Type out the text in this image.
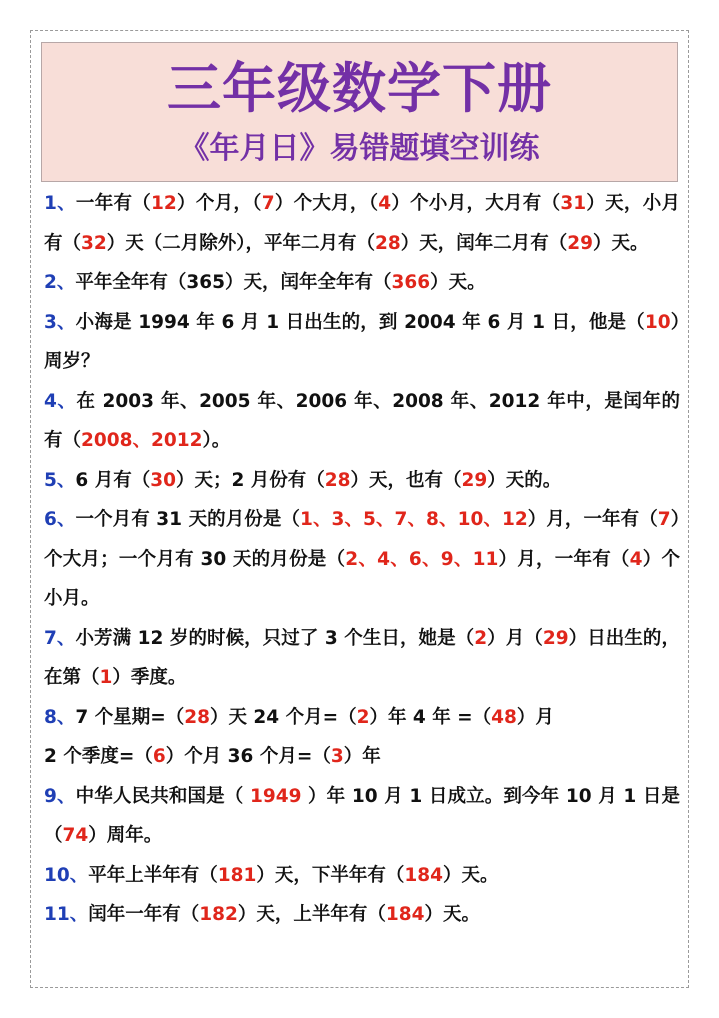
三年级数学下册
《年月日》易错题填空训练
1、一年有（12）个月，（7）个大月，（4）个小月，大月有（31）天，小月有（32）天（二月除外），平年二月有（28）天，闰年二月有（29）天。
2、平年全年有（365）天，闰年全年有（366）天。
3、小海是 1994 年 6 月 1 日出生的，到 2004 年 6 月 1 日，他是（10）周岁？
4、在 2003 年、2005 年、2006 年、2008 年、2012 年中，是闰年的有（2008、2012）。
5、6 月有（30）天；2 月份有（28）天，也有（29）天的。
6、一个月有 31 天的月份是（1、3、5、7、8、10、12）月，一年有（7）个大月；一个月有 30 天的月份是（2、4、6、9、11）月，一年有（4）个小月。
7、小芳满 12 岁的时候，只过了 3 个生日，她是（2）月（29）日出生的，在第（1）季度。
8、7 个星期=（28）天 24 个月=（2）年 4 年 =（48）月
2 个季度=（6）个月 36 个月=（3）年
9、中华人民共和国是（ 1949 ）年 10 月 1 日成立。到今年 10 月 1 日是（74）周年。
10、平年上半年有（181）天，下半年有（184）天。
11、闰年一年有（182）天，上半年有（184）天。
